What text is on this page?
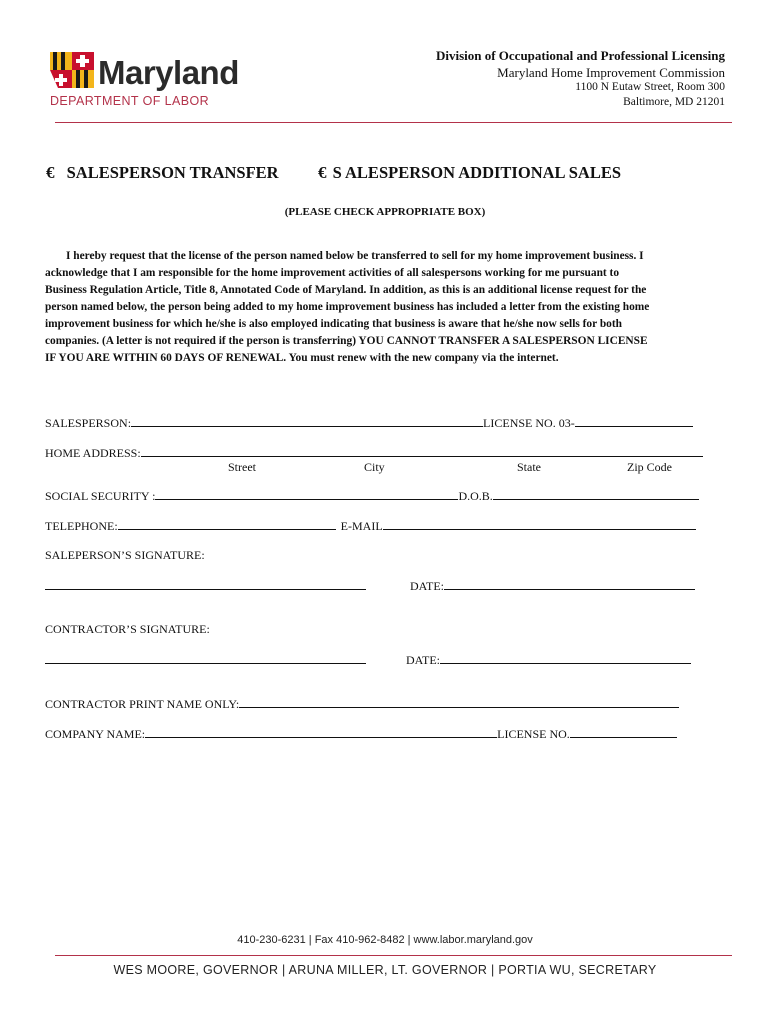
Maryland
DEPARTMENT OF LABOR
Division of Occupational and Professional Licensing
Maryland Home Improvement Commission
1100 N Eutaw Street, Room 300
Baltimore, MD 21201
€ SALESPERSON TRANSFER € S ALESPERSON ADDITIONAL SALES
(PLEASE CHECK APPROPRIATE BOX)
I hereby request that the license of the person named below be transferred to sell for my home improvement business. I
acknowledge that I am responsible for the home improvement activities of all salespersons working for me pursuant to
Business Regulation Article, Title 8, Annotated Code of Maryland. In addition, as this is an additional license request for the
person named below, the person being added to my home improvement business has included a letter from the existing home
improvement business for which he/she is also employed indicating that business is aware that he/she now sells for both
companies. (A letter is not required if the person is transferring) YOU CANNOT TRANSFER A SALESPERSON LICENSE
IF YOU ARE WITHIN 60 DAYS OF RENEWAL. You must renew with the new company via the internet.
SALESPERSON:	LICENSE NO. 03-
HOME ADDRESS:
Street	City	State	Zip Code
SOCIAL SECURITY :	D.O.B.
TELEPHONE:	E-MAIL
SALEPERSON’S SIGNATURE:
DATE:
CONTRACTOR’S SIGNATURE:
DATE:
CONTRACTOR PRINT NAME ONLY:
COMPANY NAME:	LICENSE NO.
410-230-6231 | Fax 410-962-8482 | www.labor.maryland.gov
WES MOORE, GOVERNOR | ARUNA MILLER, LT. GOVERNOR | PORTIA WU, SECRETARY
